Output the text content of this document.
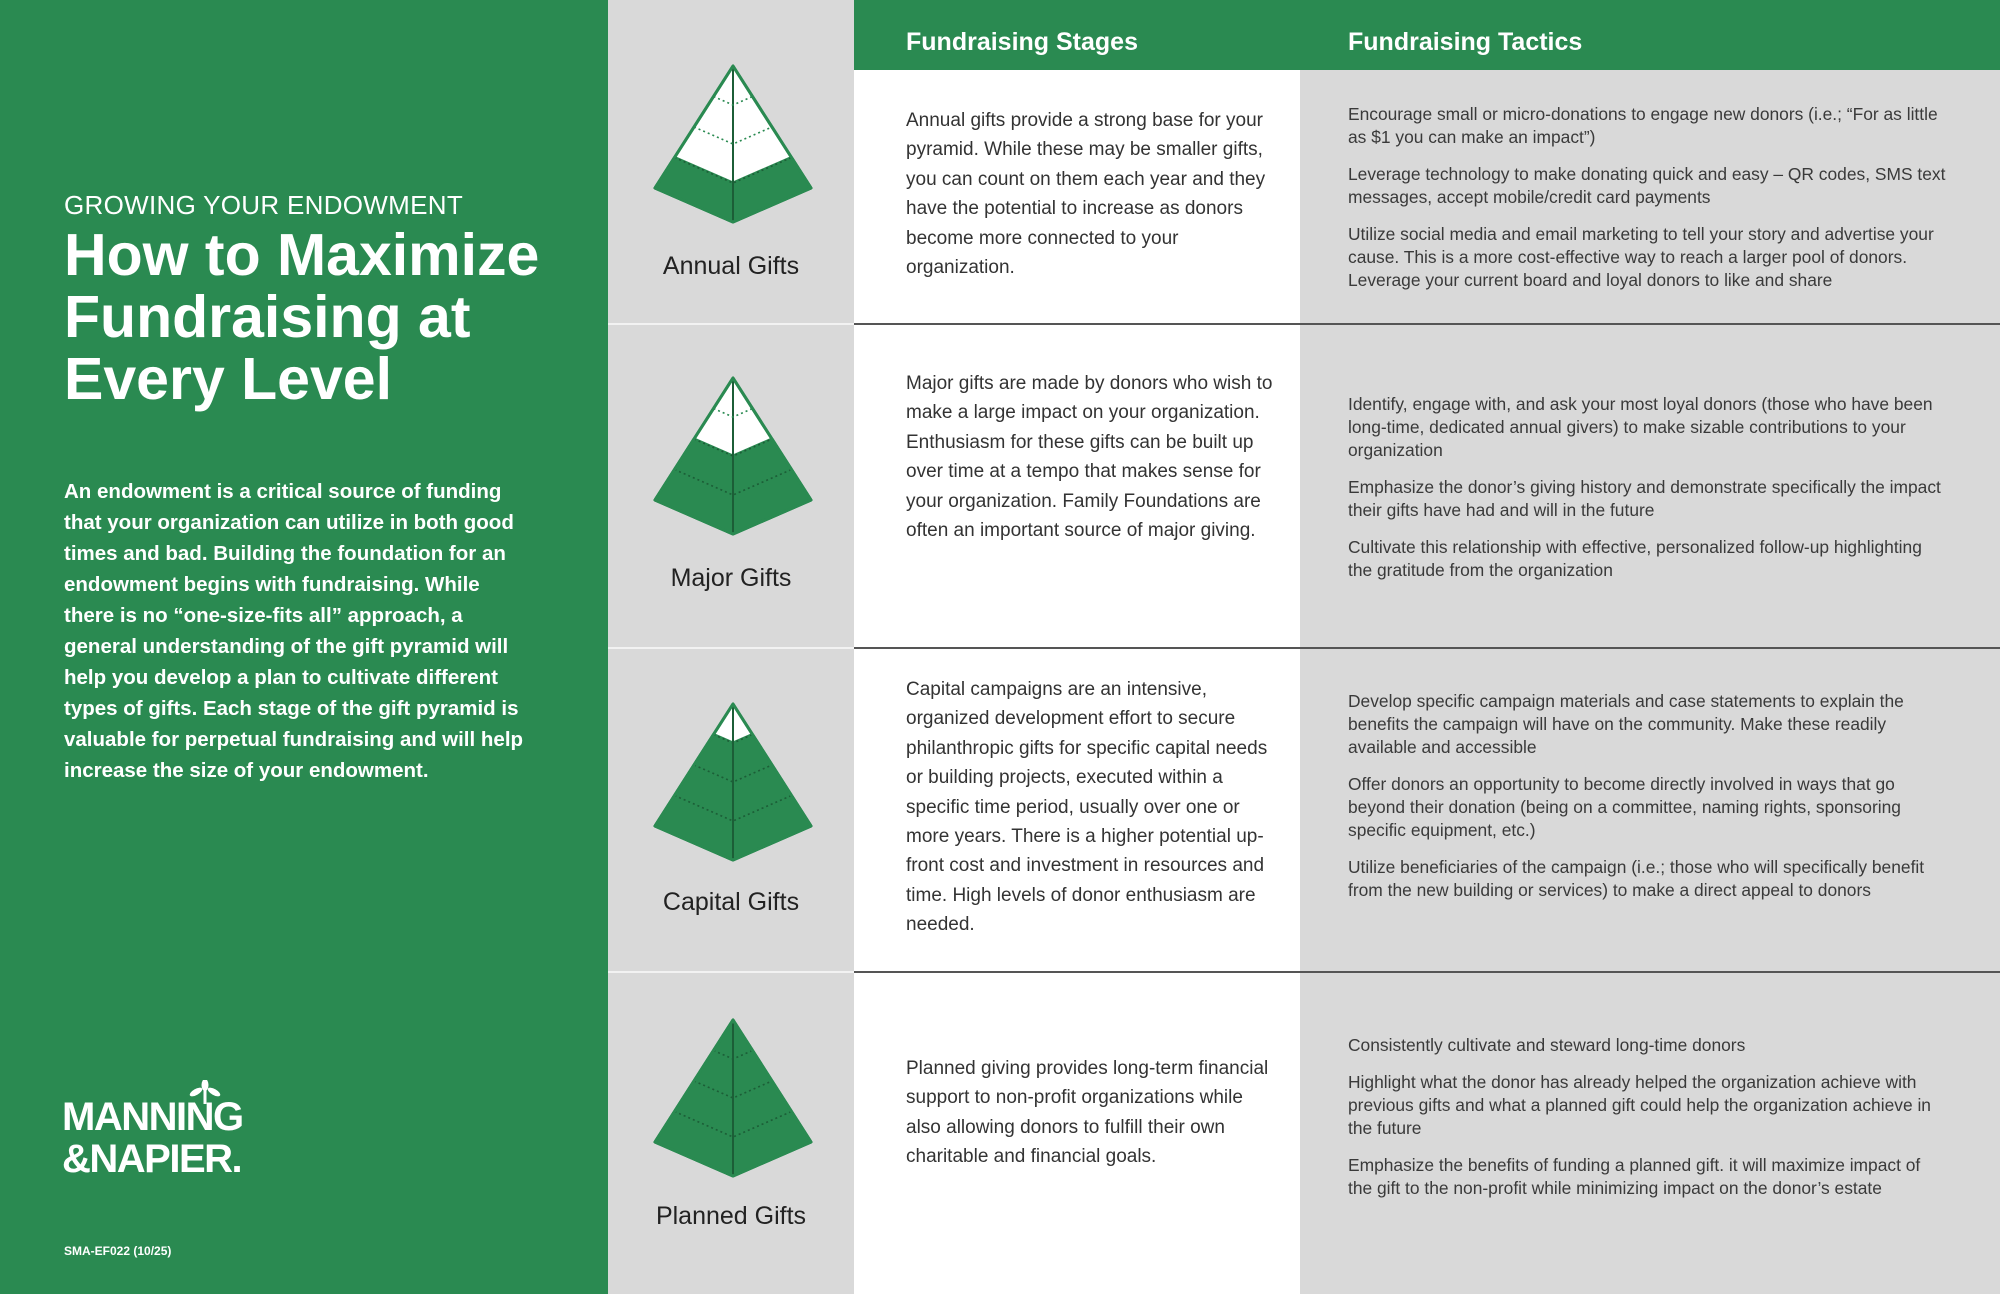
GROWING YOUR ENDOWMENT
How to Maximize
Fundraising at
Every Level

An endowment is a critical source of funding that your organization can utilize in both good times and bad. Building the foundation for an endowment begins with fundraising. While there is no “one-size-fits all” approach, a general understanding of the gift pyramid will help you develop a plan to cultivate different types of gifts. Each stage of the gift pyramid is valuable for perpetual fundraising and will help increase the size of your endowment.

MANNING
&NAPIER.
SMA-EF022 (10/25)
Annual Gifts
Major Gifts
Capital Gifts
Planned Gifts
Fundraising Stages	Fundraising Tactics

Annual gifts provide a strong base for your pyramid. While these may be smaller gifts, you can count on them each year and they have the potential to increase as donors become more connected to your organization.

Encourage small or micro-donations to engage new donors (i.e.; “For as little as $1 you can make an impact”)
Leverage technology to make donating quick and easy – QR codes, SMS text messages, accept mobile/credit card payments
Utilize social media and email marketing to tell your story and advertise your cause. This is a more cost-effective way to reach a larger pool of donors. Leverage your current board and loyal donors to like and share

Major gifts are made by donors who wish to make a large impact on your organization. Enthusiasm for these gifts can be built up over time at a tempo that makes sense for your organization. Family Foundations are often an important source of major giving.

Identify, engage with, and ask your most loyal donors (those who have been long-time, dedicated annual givers) to make sizable contributions to your organization
Emphasize the donor’s giving history and demonstrate specifically the impact their gifts have had and will in the future
Cultivate this relationship with effective, personalized follow-up highlighting the gratitude from the organization

Capital campaigns are an intensive, organized development effort to secure philanthropic gifts for specific capital needs or building projects, executed within a specific time period, usually over one or more years. There is a higher potential up-front cost and investment in resources and time. High levels of donor enthusiasm are needed.

Develop specific campaign materials and case statements to explain the benefits the campaign will have on the community. Make these readily available and accessible
Offer donors an opportunity to become directly involved in ways that go beyond their donation (being on a committee, naming rights, sponsoring specific equipment, etc.)
Utilize beneficiaries of the campaign (i.e.; those who will specifically benefit from the new building or services) to make a direct appeal to donors

Planned giving provides long-term financial support to non-profit organizations while also allowing donors to fulfill their own charitable and financial goals.

Consistently cultivate and steward long-time donors
Highlight what the donor has already helped the organization achieve with previous gifts and what a planned gift could help the organization achieve in the future
Emphasize the benefits of funding a planned gift. it will maximize impact of the gift to the non-profit while minimizing impact on the donor’s estate
